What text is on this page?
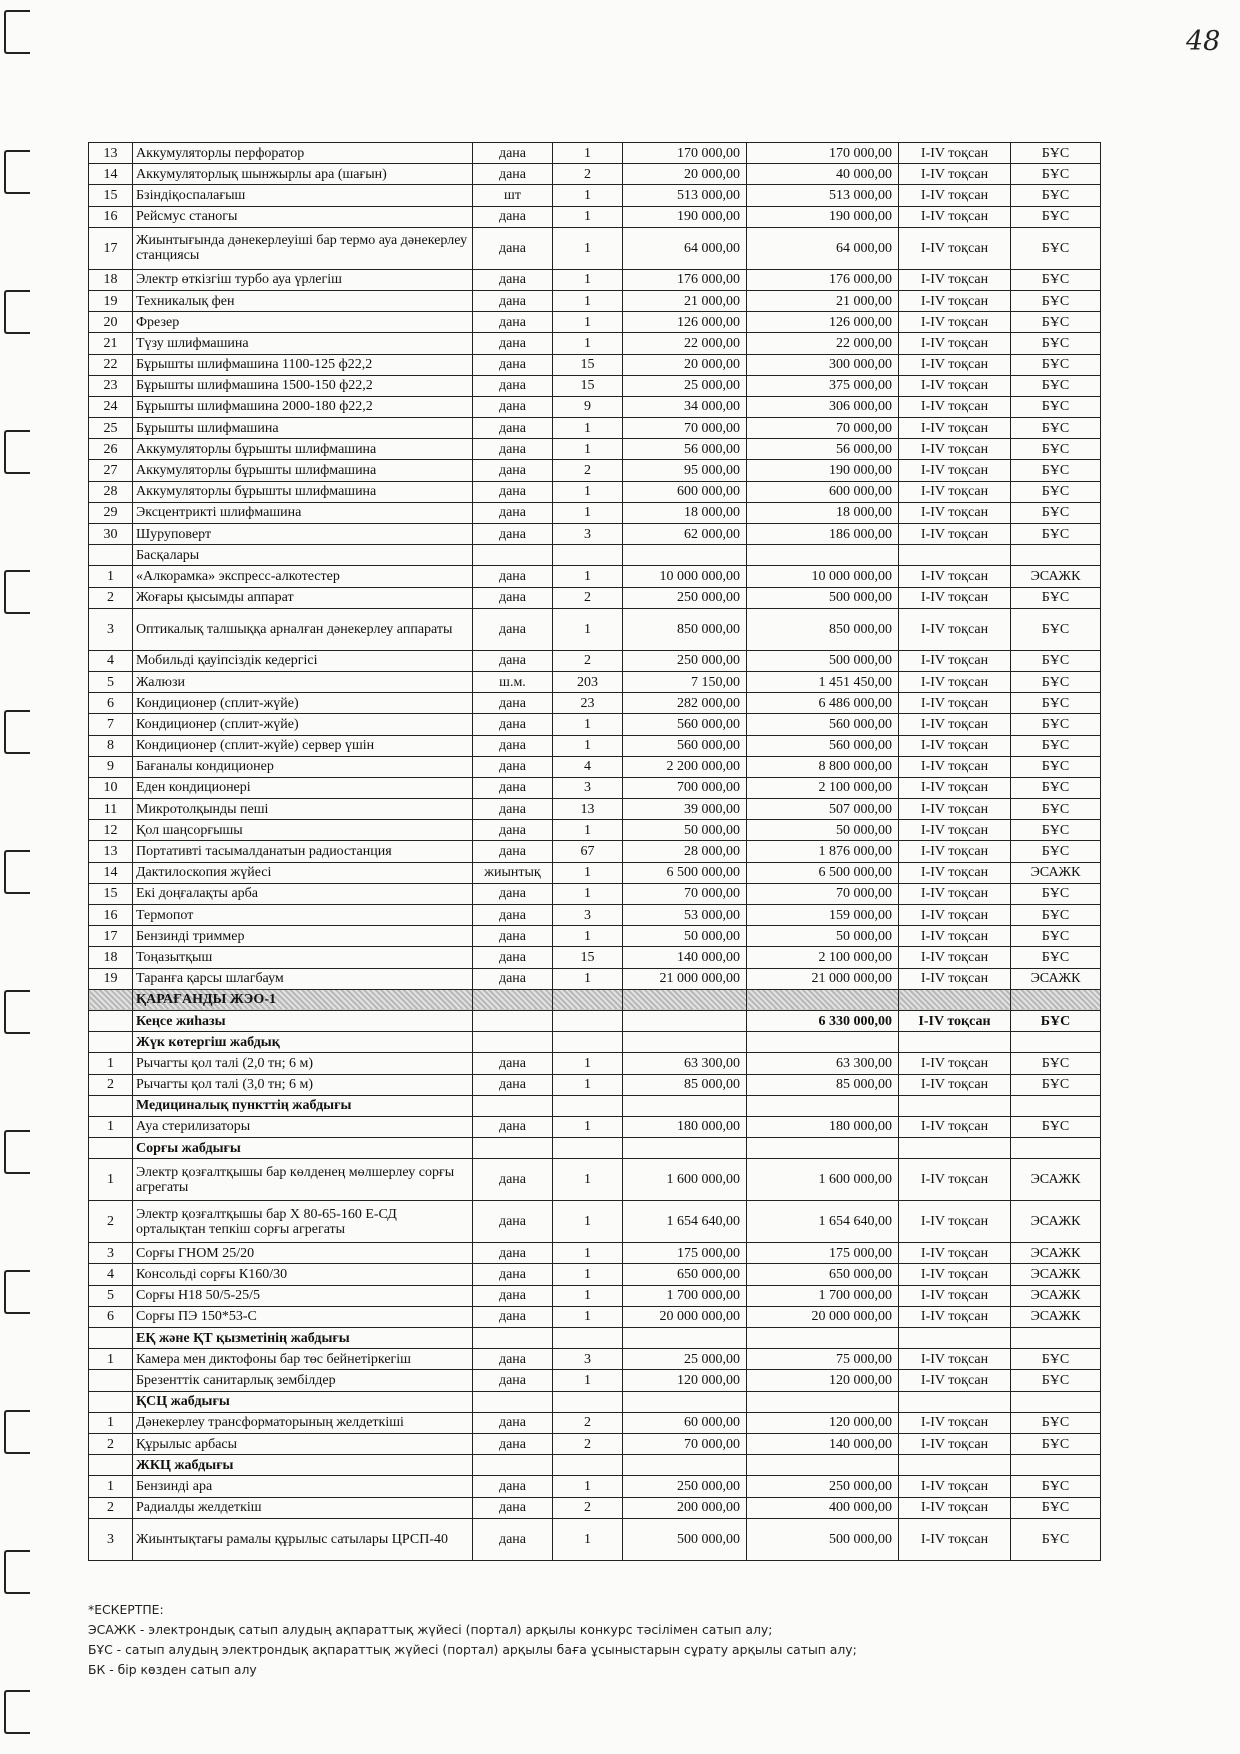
48
13	Аккумуляторлы перфоратор	дана	1	170 000,00	170 000,00	I-IV тоқсан	БҰС
14	Аккумуляторлық шынжырлы ара (шағын)	дана	2	20 000,00	40 000,00	I-IV тоқсан	БҰС
15	Бзіндіқоспалағыш	шт	1	513 000,00	513 000,00	I-IV тоқсан	БҰС
16	Рейсмус станогы	дана	1	190 000,00	190 000,00	I-IV тоқсан	БҰС
17	Жиынтығында дәнекерлеуіші бар термо ауа дәнекерлеу станциясы	дана	1	64 000,00	64 000,00	I-IV тоқсан	БҰС
18	Электр өткізгіш турбо ауа үрлегіш	дана	1	176 000,00	176 000,00	I-IV тоқсан	БҰС
19	Техникалық фен	дана	1	21 000,00	21 000,00	I-IV тоқсан	БҰС
20	Фрезер	дана	1	126 000,00	126 000,00	I-IV тоқсан	БҰС
21	Түзу шлифмашина	дана	1	22 000,00	22 000,00	I-IV тоқсан	БҰС
22	Бұрышты шлифмашина 1100-125 ф22,2	дана	15	20 000,00	300 000,00	I-IV тоқсан	БҰС
23	Бұрышты шлифмашина 1500-150 ф22,2	дана	15	25 000,00	375 000,00	I-IV тоқсан	БҰС
24	Бұрышты шлифмашина 2000-180 ф22,2	дана	9	34 000,00	306 000,00	I-IV тоқсан	БҰС
25	Бұрышты шлифмашина	дана	1	70 000,00	70 000,00	I-IV тоқсан	БҰС
26	Аккумуляторлы бұрышты шлифмашина	дана	1	56 000,00	56 000,00	I-IV тоқсан	БҰС
27	Аккумуляторлы бұрышты шлифмашина	дана	2	95 000,00	190 000,00	I-IV тоқсан	БҰС
28	Аккумуляторлы бұрышты шлифмашина	дана	1	600 000,00	600 000,00	I-IV тоқсан	БҰС
29	Эксцентрикті шлифмашина	дана	1	18 000,00	18 000,00	I-IV тоқсан	БҰС
30	Шуруповерт	дана	3	62 000,00	186 000,00	I-IV тоқсан	БҰС
	Басқалары						
1	«Алкорамка» экспресс-алкотестер	дана	1	10 000 000,00	10 000 000,00	I-IV тоқсан	ЭСАЖК
2	Жоғары қысымды аппарат	дана	2	250 000,00	500 000,00	I-IV тоқсан	БҰС
3	Оптикалық талшыққа арналған дәнекерлеу аппараты	дана	1	850 000,00	850 000,00	I-IV тоқсан	БҰС
4	Мобильді қауіпсіздік кедергісі	дана	2	250 000,00	500 000,00	I-IV тоқсан	БҰС
5	Жалюзи	ш.м.	203	7 150,00	1 451 450,00	I-IV тоқсан	БҰС
6	Кондиционер (сплит-жүйе)	дана	23	282 000,00	6 486 000,00	I-IV тоқсан	БҰС
7	Кондиционер (сплит-жүйе)	дана	1	560 000,00	560 000,00	I-IV тоқсан	БҰС
8	Кондиционер (сплит-жүйе) сервер үшін	дана	1	560 000,00	560 000,00	I-IV тоқсан	БҰС
9	Бағаналы кондиционер	дана	4	2 200 000,00	8 800 000,00	I-IV тоқсан	БҰС
10	Еден кондиционері	дана	3	700 000,00	2 100 000,00	I-IV тоқсан	БҰС
11	Микротолқынды пеші	дана	13	39 000,00	507 000,00	I-IV тоқсан	БҰС
12	Қол шаңсорғышы	дана	1	50 000,00	50 000,00	I-IV тоқсан	БҰС
13	Портативті тасымалданатын радиостанция	дана	67	28 000,00	1 876 000,00	I-IV тоқсан	БҰС
14	Дактилоскопия жүйесі	жиынтық	1	6 500 000,00	6 500 000,00	I-IV тоқсан	ЭСАЖК
15	Екі доңғалақты арба	дана	1	70 000,00	70 000,00	I-IV тоқсан	БҰС
16	Термопот	дана	3	53 000,00	159 000,00	I-IV тоқсан	БҰС
17	Бензинді триммер	дана	1	50 000,00	50 000,00	I-IV тоқсан	БҰС
18	Тоңазытқыш	дана	15	140 000,00	2 100 000,00	I-IV тоқсан	БҰС
19	Таранға қарсы шлагбаум	дана	1	21 000 000,00	21 000 000,00	I-IV тоқсан	ЭСАЖК
	ҚАРАҒАНДЫ ЖЭО-1						
	Кеңсе жиһазы				6 330 000,00	I-IV тоқсан	БҰС
	Жүк көтергіш жабдық						
1	Рычагты қол талі (2,0 тн; 6 м)	дана	1	63 300,00	63 300,00	I-IV тоқсан	БҰС
2	Рычагты қол талі (3,0 тн; 6 м)	дана	1	85 000,00	85 000,00	I-IV тоқсан	БҰС
	Медициналық пункттің жабдығы						
1	Ауа стерилизаторы	дана	1	180 000,00	180 000,00	I-IV тоқсан	БҰС
	Сорғы жабдығы						
1	Электр қозғалтқышы бар көлденең мөлшерлеу сорғы агрегаты	дана	1	1 600 000,00	1 600 000,00	I-IV тоқсан	ЭСАЖК
2	Электр қозғалтқышы бар Х 80-65-160 Е-СД орталықтан тепкіш сорғы агрегаты	дана	1	1 654 640,00	1 654 640,00	I-IV тоқсан	ЭСАЖК
3	Сорғы ГНОМ 25/20	дана	1	175 000,00	175 000,00	I-IV тоқсан	ЭСАЖК
4	Консольді сорғы К160/30	дана	1	650 000,00	650 000,00	I-IV тоқсан	ЭСАЖК
5	Сорғы Н18 50/5-25/5	дана	1	1 700 000,00	1 700 000,00	I-IV тоқсан	ЭСАЖК
6	Сорғы ПЭ 150*53-С	дана	1	20 000 000,00	20 000 000,00	I-IV тоқсан	ЭСАЖК
	ЕҚ және ҚТ қызметінің жабдығы						
1	Камера мен диктофоны бар төс бейнетіркегіш	дана	3	25 000,00	75 000,00	I-IV тоқсан	БҰС
	Брезенттік санитарлық зембілдер	дана	1	120 000,00	120 000,00	I-IV тоқсан	БҰС
	ҚСЦ жабдығы						
1	Дәнекерлеу трансформаторының желдеткіші	дана	2	60 000,00	120 000,00	I-IV тоқсан	БҰС
2	Құрылыс арбасы	дана	2	70 000,00	140 000,00	I-IV тоқсан	БҰС
	ЖКЦ жабдығы						
1	Бензинді ара	дана	1	250 000,00	250 000,00	I-IV тоқсан	БҰС
2	Радиалды желдеткіш	дана	2	200 000,00	400 000,00	I-IV тоқсан	БҰС
3	Жиынтықтағы рамалы құрылыс сатылары ЦРСП-40	дана	1	500 000,00	500 000,00	I-IV тоқсан	БҰС
*ЕСКЕРТПЕ:
ЭСАЖК - электрондық сатып алудың ақпараттық жүйесі (портал) арқылы конкурс тәсілімен сатып алу;
БҰС - сатып алудың электрондық ақпараттық жүйесі (портал) арқылы баға ұсыныстарын сұрату арқылы сатып алу;
БК - бір көзден сатып алу
